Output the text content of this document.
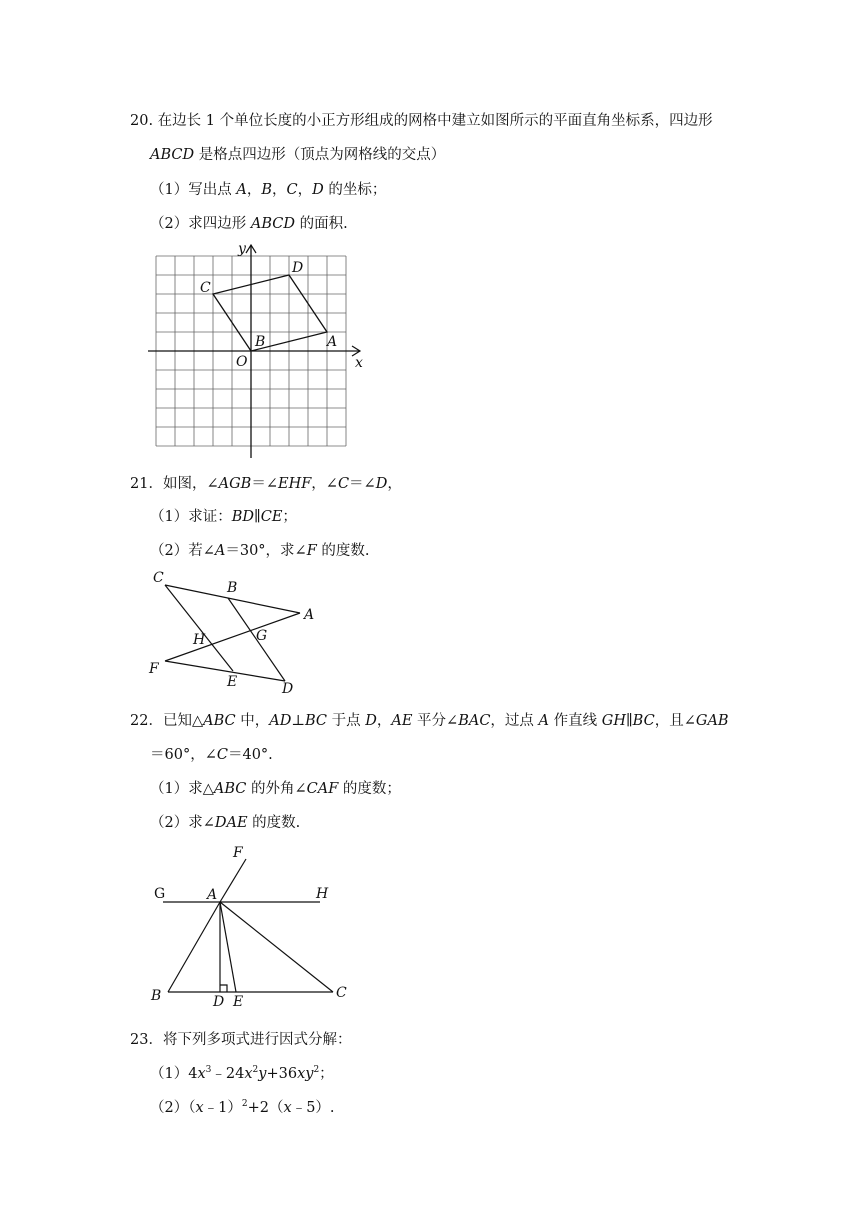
20. 在边长 1 个单位长度的小正方形组成的网格中建立如图所示的平面直角坐标系，四边形
ABCD 是格点四边形（顶点为网格线的交点）
（1）写出点 A，B，C，D 的坐标；
（2）求四边形 ABCD 的面积.
y
x
O
B	A
C
D
21．如图，∠AGB＝∠EHF，∠C＝∠D，
（1）求证：BD∥CE；
（2）若∠A＝30°，求∠F 的度数.
C
B
A
H	G
F
E	D
22．已知△ABC 中，AD⊥BC 于点 D，AE 平分∠BAC，过点 A 作直线 GH∥BC，且∠GAB
＝60°，∠C＝40°.
（1）求△ABC 的外角∠CAF 的度数；
（2）求∠DAE 的度数.
F
G	A	H
B	D E
C
23．将下列多项式进行因式分解：
$(1)4x^3﹣24x^2y+36xy^2$；
（2）（x﹣1）$^2$+2（x﹣5）.
